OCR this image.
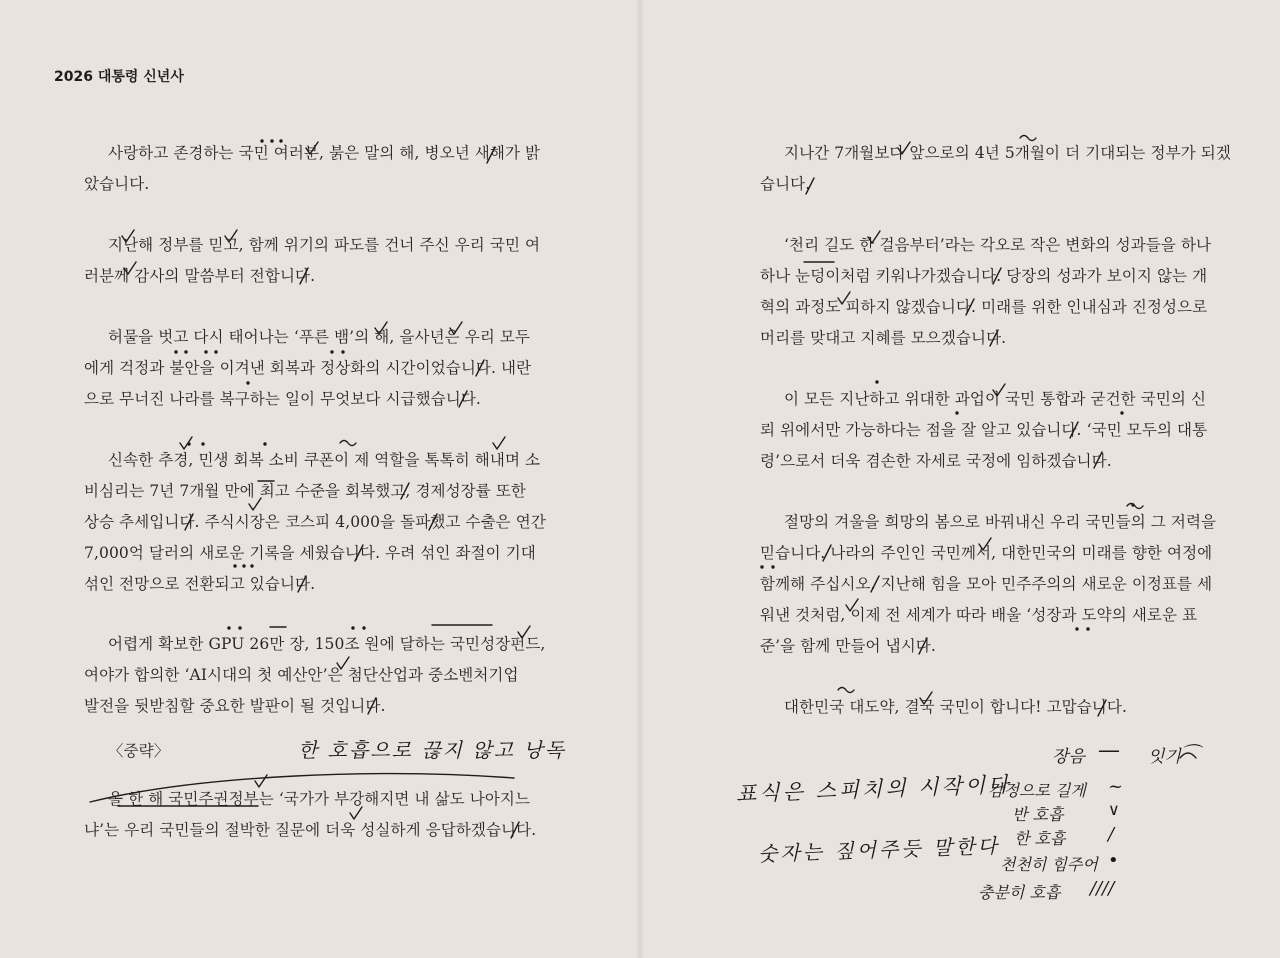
2026 대통령 신년사
사랑하고 존경하는 국민 여러분, 붉은 말의 해, 병오년 새해가 밝
았습니다.
지난해 정부를 믿고, 함께 위기의 파도를 건너 주신 우리 국민 여
러분께 감사의 말씀부터 전합니다.
허물을 벗고 다시 태어나는 ‘푸른 뱀’의 해, 을사년은 우리 모두
에게 걱정과 불안을 이겨낸 회복과 정상화의 시간이었습니다. 내란
으로 무너진 나라를 복구하는 일이 무엇보다 시급했습니다.
신속한 추경, 민생 회복 소비 쿠폰이 제 역할을 톡톡히 해내며 소
비심리는 7년 7개월 만에 최고 수준을 회복했고, 경제성장률 또한
상승 추세입니다. 주식시장은 코스피 4,000을 돌파했고 수출은 연간
7,000억 달러의 새로운 기록을 세웠습니다. 우려 섞인 좌절이 기대
섞인 전망으로 전환되고 있습니다.
어렵게 확보한 GPU 26만 장, 150조 원에 달하는 국민성장펀드,
여야가 합의한 ‘AI시대의 첫 예산안’은 첨단산업과 중소벤처기업
발전을 뒷받침할 중요한 발판이 될 것입니다.
〈중략〉	한 호흡으로 끊지 않고 낭독
올 한 해 국민주권정부는 ‘국가가 부강해지면 내 삶도 나아지느
냐’는 우리 국민들의 절박한 질문에 더욱 성실하게 응답하겠습니다.
지나간 7개월보다 앞으로의 4년 5개월이 더 기대되는 정부가 되겠
습니다.
‘천리 길도 한 걸음부터’라는 각오로 작은 변화의 성과들을 하나
하나 눈덩이처럼 키워나가겠습니다. 당장의 성과가 보이지 않는 개
혁의 과정도 피하지 않겠습니다. 미래를 위한 인내심과 진정성으로
머리를 맞대고 지혜를 모으겠습니다.
이 모든 지난하고 위대한 과업이 국민 통합과 굳건한 국민의 신
뢰 위에서만 가능하다는 점을 잘 알고 있습니다. ‘국민 모두의 대통
령’으로서 더욱 겸손한 자세로 국정에 임하겠습니다.
절망의 겨울을 희망의 봄으로 바꿔내신 우리 국민들의 그 저력을
믿습니다. 나라의 주인인 국민께서, 대한민국의 미래를 향한 여정에
함께해 주십시오. 지난해 힘을 모아 민주주의의 새로운 이정표를 세
워낸 것처럼, 이제 전 세계가 따라 배울 ‘성장과 도약의 새로운 표
준’을 함께 만들어 냅시다.
대한민국 대도약, 결국 국민이 합니다! 고맙습니다.
표식은 스피치의 시작이다
숫자는 짚어주듯 말한다
장음 — 잇기 ⌒
감정으로 길게 ~
반 호흡	∨
한 호흡 /
천천히 힘주어 •
충분히 호흡 ////
